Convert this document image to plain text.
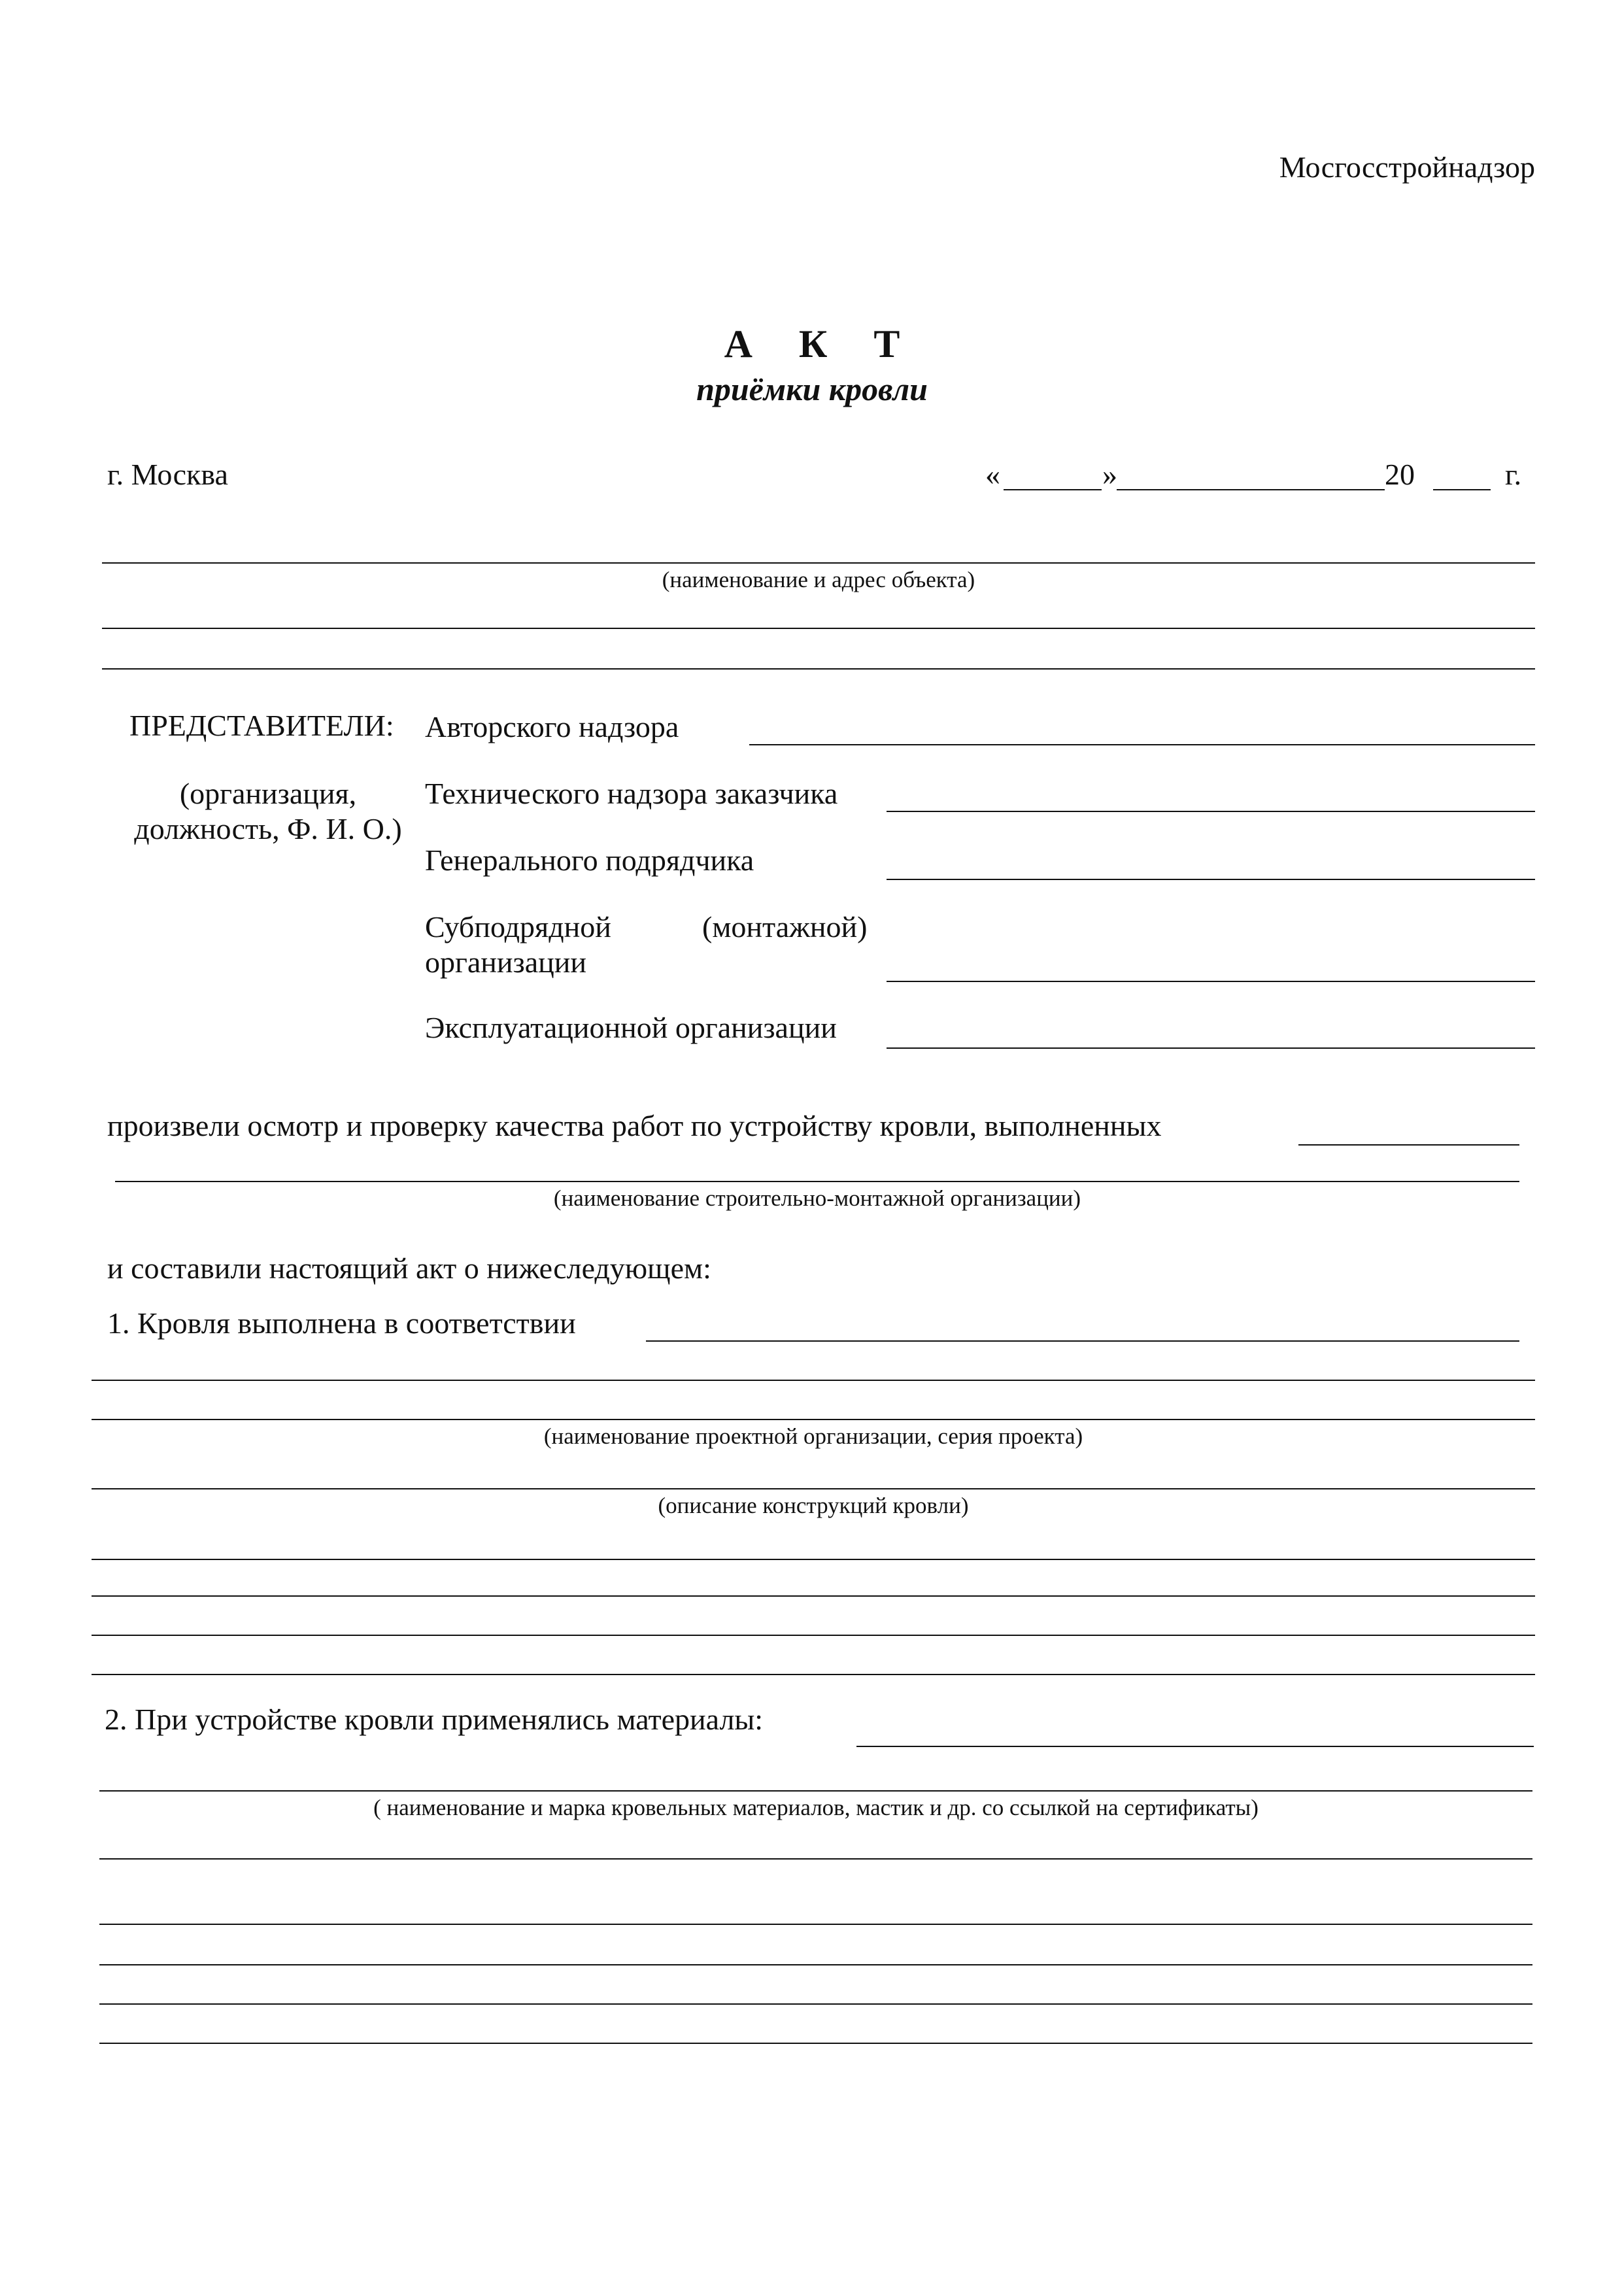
Мосгосстройнадзор
А К Т
приёмки кровли
г. Москва	«	»	20	г.
(наименование и адрес объекта)
ПРЕДСТАВИТЕЛИ:
(организация,
должность, Ф. И. О.)
Авторского надзора
Технического надзора заказчика
Генерального подрядчика
Субподрядной	(монтажной)
организации
Эксплуатационной организации
произвели осмотр и проверку качества работ по устройству кровли, выполненных
(наименование строительно-монтажной организации)
и составили настоящий акт о нижеследующем:
1. Кровля выполнена в соответствии
(наименование проектной организации, серия проекта)
(описание конструкций кровли)
2. При устройстве кровли применялись материалы:
( наименование и марка кровельных материалов, мастик и др. со ссылкой на сертификаты)
